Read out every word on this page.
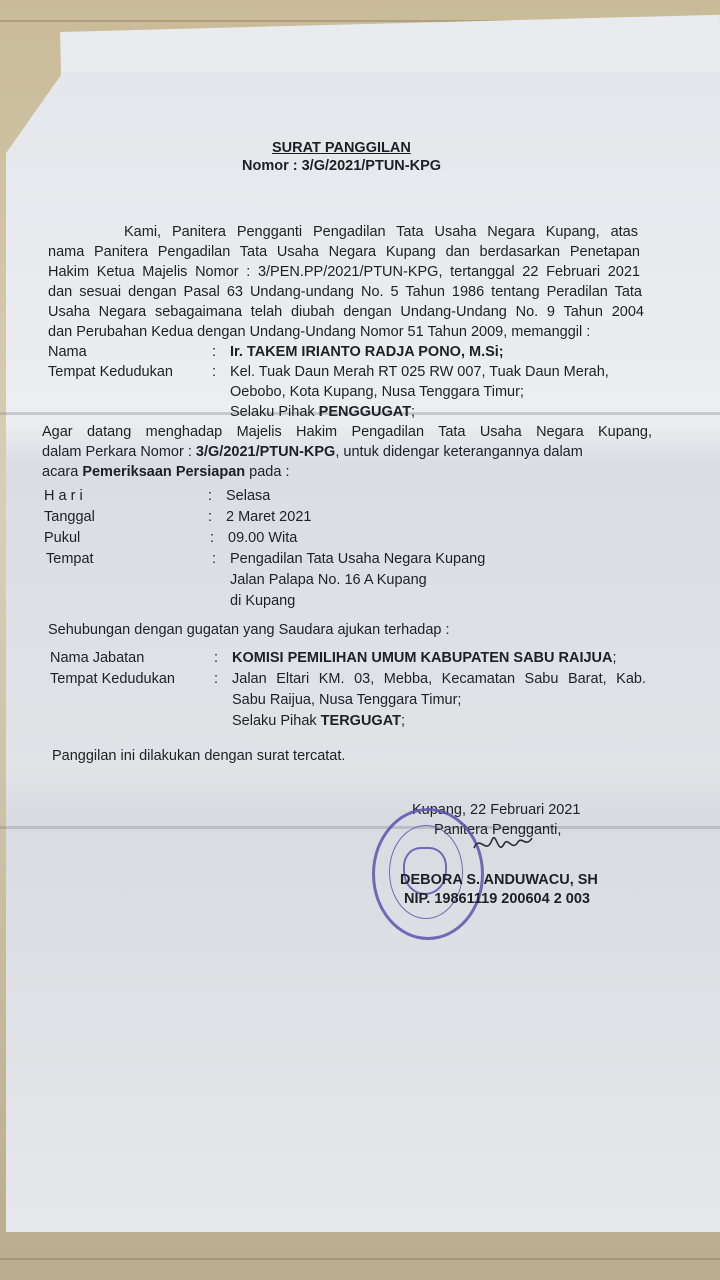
SURAT PANGGILAN
Nomor : 3/G/2021/PTUN-KPG
Kami, Panitera Pengganti Pengadilan Tata Usaha Negara Kupang, atas
nama Panitera Pengadilan Tata Usaha Negara Kupang dan berdasarkan Penetapan
Hakim Ketua Majelis Nomor : 3/PEN.PP/2021/PTUN-KPG, tertanggal 22 Februari 2021
dan sesuai dengan Pasal 63 Undang-undang No. 5 Tahun 1986 tentang Peradilan Tata
Usaha Negara sebagaimana telah diubah dengan Undang-Undang No. 9 Tahun 2004
dan Perubahan Kedua dengan Undang-Undang Nomor 51 Tahun 2009, memanggil :
Nama	: Ir. TAKEM IRIANTO RADJA PONO, M.Si;
Tempat Kedudukan	: Kel. Tuak Daun Merah RT 025 RW 007, Tuak Daun Merah,
Oebobo, Kota Kupang, Nusa Tenggara Timur;
Selaku Pihak PENGGUGAT;
Agar datang menghadap Majelis Hakim Pengadilan Tata Usaha Negara Kupang,
dalam Perkara Nomor : 3/G/2021/PTUN-KPG, untuk didengar keterangannya dalam
acara Pemeriksaan Persiapan pada :
H a r i	: Selasa
Tanggal	: 2 Maret 2021
Pukul	: 09.00 Wita
Tempat	: Pengadilan Tata Usaha Negara Kupang
Jalan Palapa No. 16 A Kupang
di Kupang
Sehubungan dengan gugatan yang Saudara ajukan terhadap :
Nama Jabatan	: KOMISI PEMILIHAN UMUM KABUPATEN SABU RAIJUA;
Tempat Kedudukan	: Jalan Eltari KM. 03, Mebba, Kecamatan Sabu Barat, Kab.
Sabu Raijua, Nusa Tenggara Timur;
Selaku Pihak TERGUGAT;
Panggilan ini dilakukan dengan surat tercatat.
Kupang, 22 Februari 2021
Panitera Pengganti,
DEBORA S. ANDUWACU, SH
NIP. 19861119 200604 2 003
